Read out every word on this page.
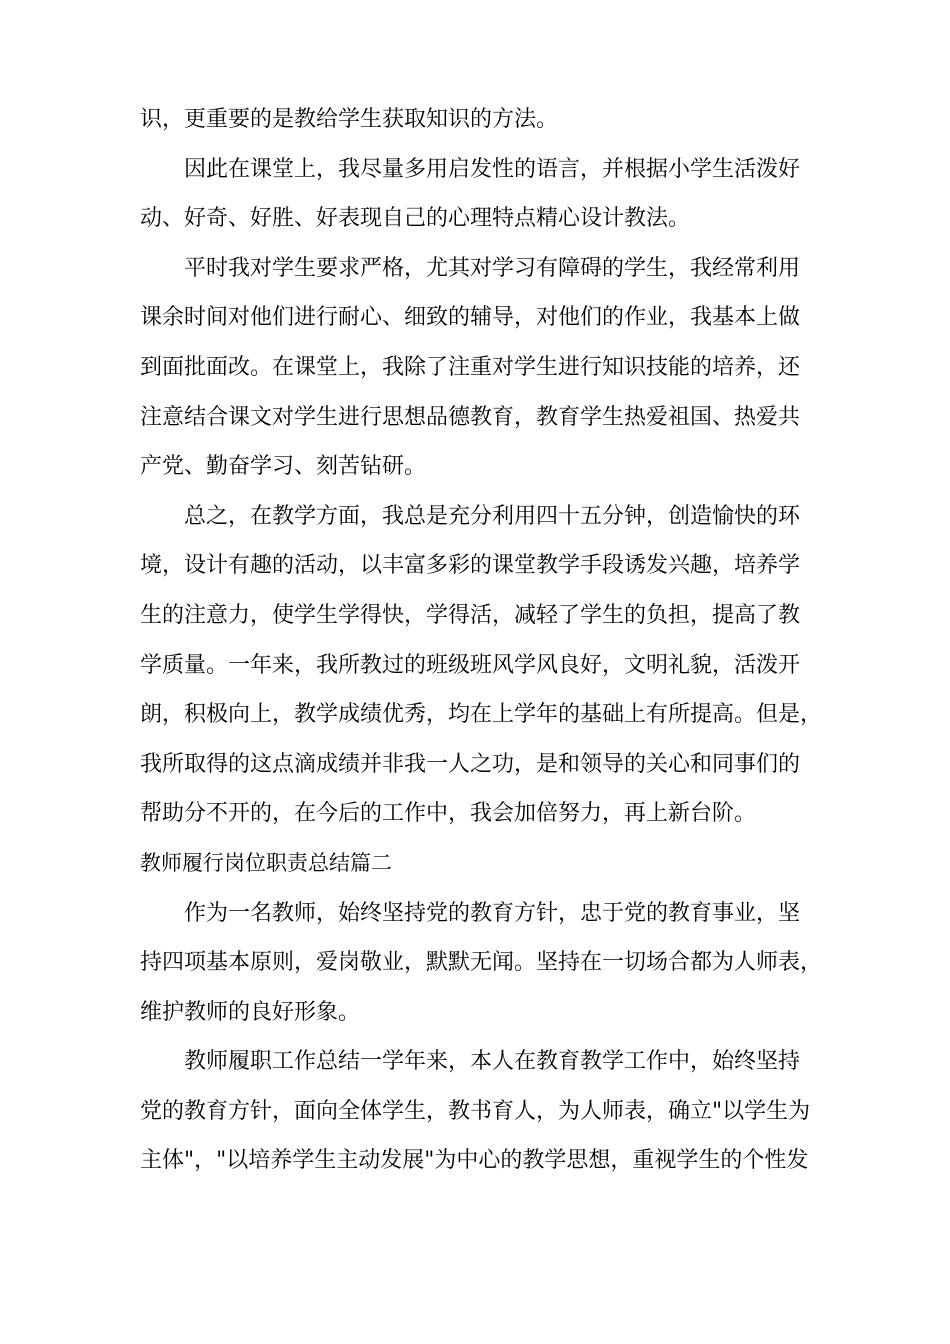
识，更重要的是教给学生获取知识的方法。
因此在课堂上，我尽量多用启发性的语言，并根据小学生活泼好
动、好奇、好胜、好表现自己的心理特点精心设计教法。
平时我对学生要求严格，尤其对学习有障碍的学生，我经常利用
课余时间对他们进行耐心、细致的辅导，对他们的作业，我基本上做
到面批面改。在课堂上，我除了注重对学生进行知识技能的培养，还
注意结合课文对学生进行思想品德教育，教育学生热爱祖国、热爱共
产党、勤奋学习、刻苦钻研。
总之，在教学方面，我总是充分利用四十五分钟，创造愉快的环
境，设计有趣的活动，以丰富多彩的课堂教学手段诱发兴趣，培养学
生的注意力，使学生学得快，学得活，减轻了学生的负担，提高了教
学质量。一年来，我所教过的班级班风学风良好，文明礼貌，活泼开
朗，积极向上，教学成绩优秀，均在上学年的基础上有所提高。但是，
我所取得的这点滴成绩并非我一人之功，是和领导的关心和同事们的
帮助分不开的，在今后的工作中，我会加倍努力，再上新台阶。
教师履行岗位职责总结篇二
作为一名教师，始终坚持党的教育方针，忠于党的教育事业，坚
持四项基本原则，爱岗敬业，默默无闻。坚持在一切场合都为人师表，
维护教师的良好形象。
教师履职工作总结一学年来，本人在教育教学工作中，始终坚持
党的教育方针，面向全体学生，教书育人，为人师表，确立"以学生为
主体"，"以培养学生主动发展"为中心的教学思想，重视学生的个性发
